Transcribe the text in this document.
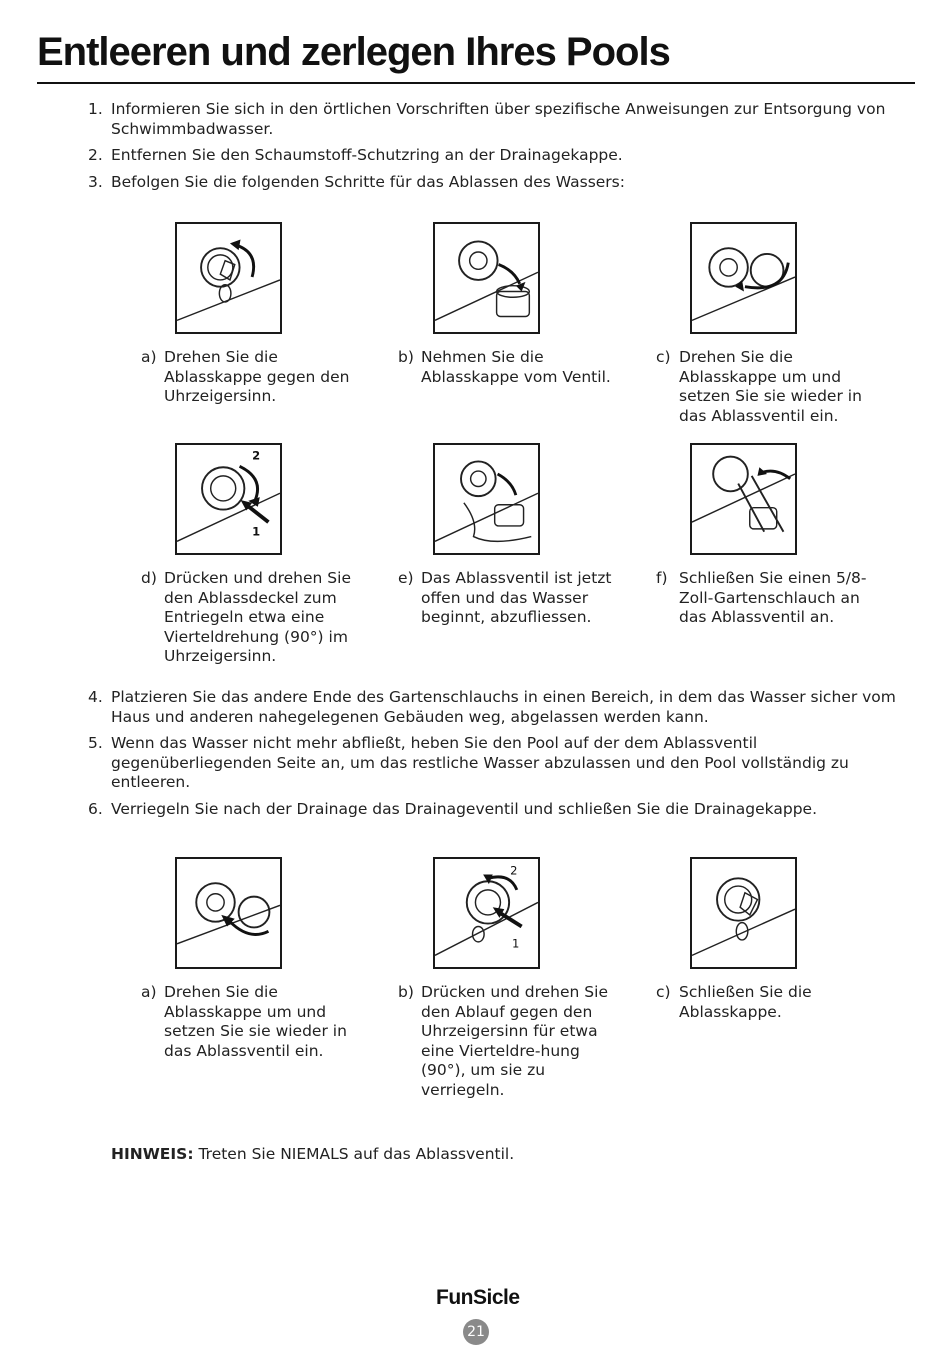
Entleeren und zerlegen Ihres Pools
1. Informieren Sie sich in den örtlichen Vorschriften über spezifische Anweisungen zur Entsorgung von Schwimmbadwasser.
2. Entfernen Sie den Schaumstoff-Schutzring an der Drainagekappe.
3. Befolgen Sie die folgenden Schritte für das Ablassen des Wassers:
a) Drehen Sie die Ablasskappe gegen den Uhrzeigersinn.
b) Nehmen Sie die Ablasskappe vom Ventil.
c) Drehen Sie die Ablasskappe um und setzen Sie sie wieder in das Ablassventil ein.
2
1
d) Drücken und drehen Sie den Ablassdeckel zum Entriegeln etwa eine Vierteldrehung (90°) im Uhrzeigersinn.
e) Das Ablassventil ist jetzt offen und das Wasser beginnt, abzufliessen.
f) Schließen Sie einen 5/8-Zoll-Gartenschlauch an das Ablassventil an.
4. Platzieren Sie das andere Ende des Gartenschlauchs in einen Bereich, in dem das Wasser sicher vom Haus und anderen nahegelegenen Gebäuden weg, abgelassen werden kann.
5. Wenn das Wasser nicht mehr abfließt, heben Sie den Pool auf der dem Ablassventil gegenüberliegenden Seite an, um das restliche Wasser abzulassen und den Pool vollständig zu entleeren.
6. Verriegeln Sie nach der Drainage das Drainageventil und schließen Sie die Drainagekappe.
2
1
a) Drehen Sie die Ablasskappe um und setzen Sie sie wieder in das Ablassventil ein.
b) Drücken und drehen Sie den Ablauf gegen den Uhrzeigersinn für etwa eine Vierteldre-hung (90°), um sie zu verriegeln.
c) Schließen Sie die Ablasskappe.
HINWEIS: Treten Sie NIEMALS auf das Ablassventil.
FunSicle
21
